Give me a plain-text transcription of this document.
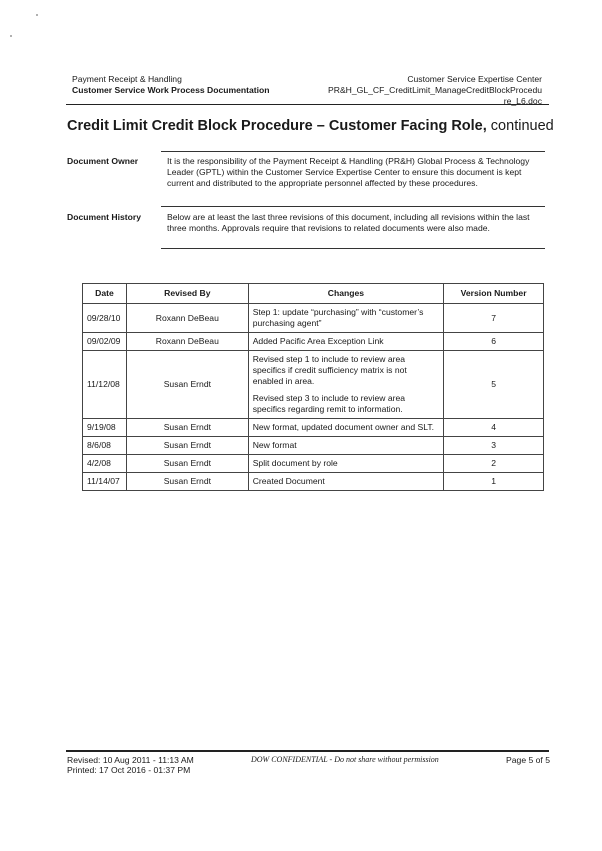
Payment Receipt & Handling
Customer Service Work Process Documentation
Customer Service Expertise Center
PR&H_GL_CF_CreditLimit_ManageCreditBlockProcedu
re_L6.doc
Credit Limit Credit Block Procedure – Customer Facing Role, continued
Document Owner	It is the responsibility of the Payment Receipt & Handling (PR&H) Global Process & Technology Leader (GPTL) within the Customer Service Expertise Center to ensure this document is kept current and distributed to the appropriate personnel affected by these procedures.
Document History	Below are at least the last three revisions of this document, including all revisions within the last three months. Approvals require that revisions to related documents were also made.
Date	Revised By	Changes	Version Number
09/28/10	Roxann DeBeau	Step 1: update “purchasing” with “customer’s purchasing agent”	7
09/02/09	Roxann DeBeau	Added Pacific Area Exception Link	6
11/12/08	Susan Erndt	Revised step 1 to include to review area specifics if credit sufficiency matrix is not enabled in area.

Revised step 3 to include to review area specifics regarding remit to information.	5
9/19/08	Susan Erndt	New format, updated document owner and SLT.	4
8/6/08	Susan Erndt	New format	3
4/2/08	Susan Erndt	Split document by role	2
11/14/07	Susan Erndt	Created Document	1
Revised: 10 Aug 2011 - 11:13 AM
Printed: 17 Oct 2016 - 01:37 PM
DOW CONFIDENTIAL - Do not share without permission	Page 5 of 5
